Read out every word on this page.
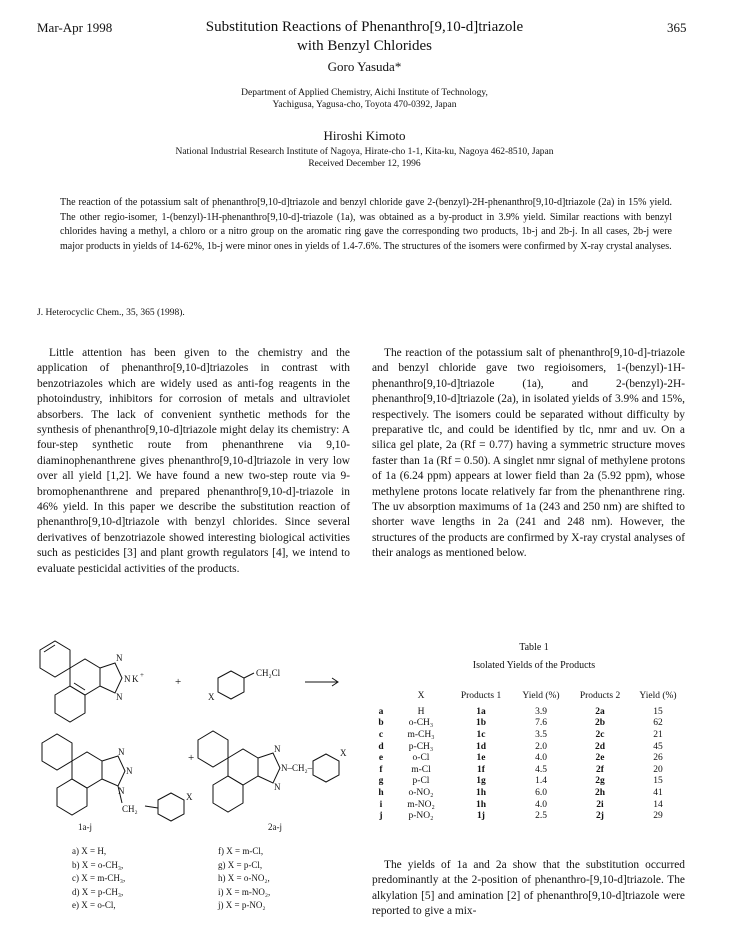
Mar-Apr 1998	365
Substitution Reactions of Phenanthro[9,10-d]triazole
with Benzyl Chlorides
Goro Yasuda*
Department of Applied Chemistry, Aichi Institute of Technology,
Yachigusa, Yagusa-cho, Toyota 470-0392, Japan
Hiroshi Kimoto
National Industrial Research Institute of Nagoya, Hirate-cho 1-1, Kita-ku, Nagoya 462-8510, Japan
Received December 12, 1996
The reaction of the potassium salt of phenanthro[9,10-d]triazole and benzyl chloride gave 2-(benzyl)-2H-phenanthro[9,10-d]triazole (2a) in 15% yield. The other regio-isomer, 1-(benzyl)-1H-phenanthro[9,10-d]-triazole (1a), was obtained as a by-product in 3.9% yield. Similar reactions with benzyl chlorides having a methyl, a chloro or a nitro group on the aromatic ring gave the corresponding two products, 1b-j and 2b-j. In all cases, 2b-j were major products in yields of 14-62%, 1b-j were minor ones in yields of 1.4-7.6%. The structures of the isomers were confirmed by X-ray crystal analyses.
J. Heterocyclic Chem., 35, 365 (1998).

Little attention has been given to the chemistry and the application of phenanthro[9,10-d]triazoles in contrast with benzotriazoles which are widely used as anti-fog reagents in the photoindustry, inhibitors for corrosion of metals and ultraviolet absorbers. The lack of convenient synthetic methods for the synthesis of phenanthro[9,10-d]triazole might delay its chemistry: A four-step synthetic route from phenanthrene via 9,10-diaminophenanthrene gives phenanthro[9,10-d]triazole in very low over all yield [1,2]. We have found a new two-step route via 9-bromophenanthrene and prepared phenanthro[9,10-d]-triazole in 46% yield. In this paper we describe the substitution reaction of phenanthro[9,10-d]triazole with benzyl chlorides. Since several derivatives of benzotriazole showed interesting biological activities such as pesticides [3] and plant growth regulators [4], we intend to evaluate pesticidal activities of the products.

The reaction of the potassium salt of phenanthro[9,10-d]-triazole and benzyl chloride gave two regioisomers, 1-(benzyl)-1H-phenanthro[9,10-d]triazole (1a), and 2-(benzyl)-2H-phenanthro[9,10-d]triazole (2a), in isolated yields of 3.9% and 15%, respectively. The isomers could be separated without difficulty by preparative tlc, and could be identified by tlc, nmr and uv. On a silica gel plate, 2a (Rf = 0.77) having a symmetric structure moves faster than 1a (Rf = 0.50). A singlet nmr signal of methylene protons of 1a (6.24 ppm) appears at lower field than 2a (5.92 ppm), whose methylene protons locate relatively far from the phenanthrene ring. The uv absorption maximums of 1a (243 and 250 nm) are shifted to shorter wave lengths in 2a (241 and 248 nm). However, the structures of the products are confirmed by X-ray crystal analyses of their analogs as mentioned below.

N
N K +
N
+
X
CH₂Cl
N
N
N
CH₂
X
+
N
N–CH₂–
N
X
1a-j	2a-j
a) X = H,
b) X = o-CH₃,
c) X = m-CH₃,
d) X = p-CH₃,
e) X = o-Cl,
f) X = m-Cl,
g) X = p-Cl,
h) X = o-NO₂,
i) X = m-NO₂,
j) X = p-NO₂
Table 1
Isolated Yields of the Products
	X	Products 1	Yield (%)	Products 2	Yield (%)
a	H	1a	3.9	2a	15
b	o-CH₃	1b	7.6	2b	62
c	m-CH₃	1c	3.5	2c	21
d	p-CH₃	1d	2.0	2d	45
e	o-Cl	1e	4.0	2e	26
f	m-Cl	1f	4.5	2f	20
g	p-Cl	1g	1.4	2g	15
h	o-NO₂	1h	6.0	2h	41
i	m-NO₂	1h	4.0	2i	14
j	p-NO₂	1j	2.5	2j	29

The yields of 1a and 2a show that the substitution occurred predominantly at the 2-position of phenanthro-[9,10-d]triazole. The alkylation [5] and amination [2] of phenanthro[9,10-d]triazole were reported to give a mix-
